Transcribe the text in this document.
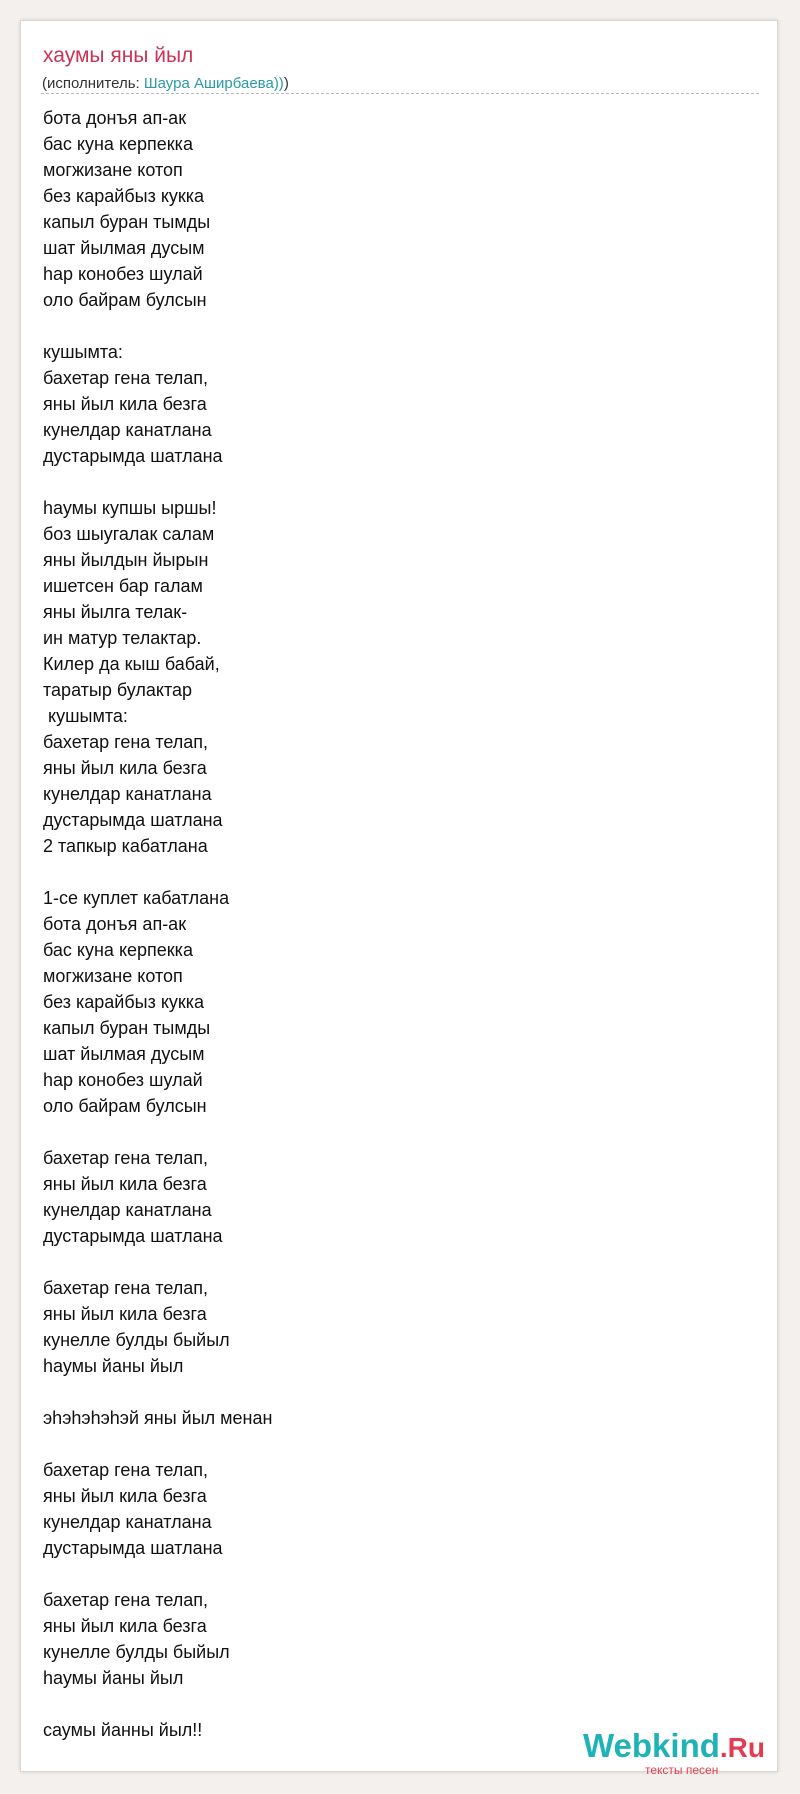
хаумы яны йыл
(исполнитель: Шаура Аширбаева)))
бота донъя ап-ак
бас куна керпекка
могжизане котоп
без карайбыз кукка
капыл буран тымды
шат йылмая дусым
һар конобез шулай
оло байрам булсын

кушымта:
бахетар гена телап,
яны йыл кила безга
кунелдар канатлана
дустарымда шатлана

һаумы купшы ыршы!
боз шыугалак салам
яны йылдын йырын
ишетсен бар галам
яны йылга телак-
ин матур телактар.
Килер да кыш бабай,
таратыр булактар
кушымта:
бахетар гена телап,
яны йыл кила безга
кунелдар канатлана
дустарымда шатлана
2 тапкыр кабатлана

1-се куплет кабатлана
бота донъя ап-ак
бас куна керпекка
могжизане котоп
без карайбыз кукка
капыл буран тымды
шат йылмая дусым
һар конобез шулай
оло байрам булсын

бахетар гена телап,
яны йыл кила безга
кунелдар канатлана
дустарымда шатлана

бахетар гена телап,
яны йыл кила безга
кунелле булды быйыл
һаумы йаны йыл

эһэһэһэһэй яны йыл менан

бахетар гена телап,
яны йыл кила безга
кунелдар канатлана
дустарымда шатлана

бахетар гена телап,
яны йыл кила безга
кунелле булды быйыл
һаумы йаны йыл

саумы йанны йыл!!	Webkind.Ru
тексты песен
